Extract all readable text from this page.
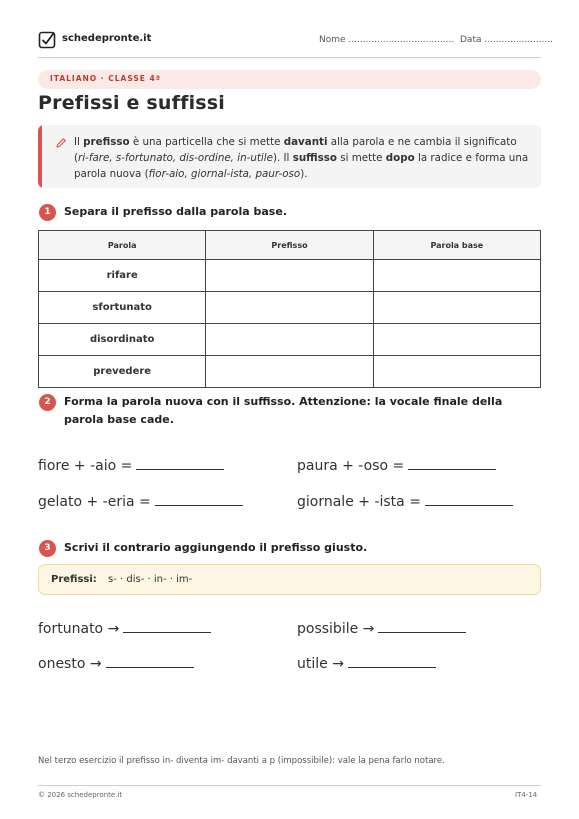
schedepronte.it	Nome ..................................... Data ........................
ITALIANO · CLASSE 4ª
Prefissi e suffissi

Il prefisso è una particella che si mette davanti alla parola e ne cambia il significato (ri-fare, s-fortunato, dis-ordine, in-utile). Il suffisso si mette dopo la radice e forma una parola nuova (fior-aio, giornal-ista, paur-oso).

1	Separa il prefisso dalla parola base.
Parola	Prefisso	Parola base
rifare		
sfortunato		
disordinato		
prevedere		
2	Forma la parola nuova con il suffisso. Attenzione: la vocale finale della parola base cade.
fiore + -aio =	paura + -oso =
gelato + -eria =	giornale + -ista =
3	Scrivi il contrario aggiungendo il prefisso giusto.
Prefissi: s- · dis- · in- · im-
fortunato →	possibile →
onesto →	utile →
Nel terzo esercizio il prefisso in- diventa im- davanti a p (impossibile): vale la pena farlo notare.
© 2026 schedepronte.it	IT4-14
